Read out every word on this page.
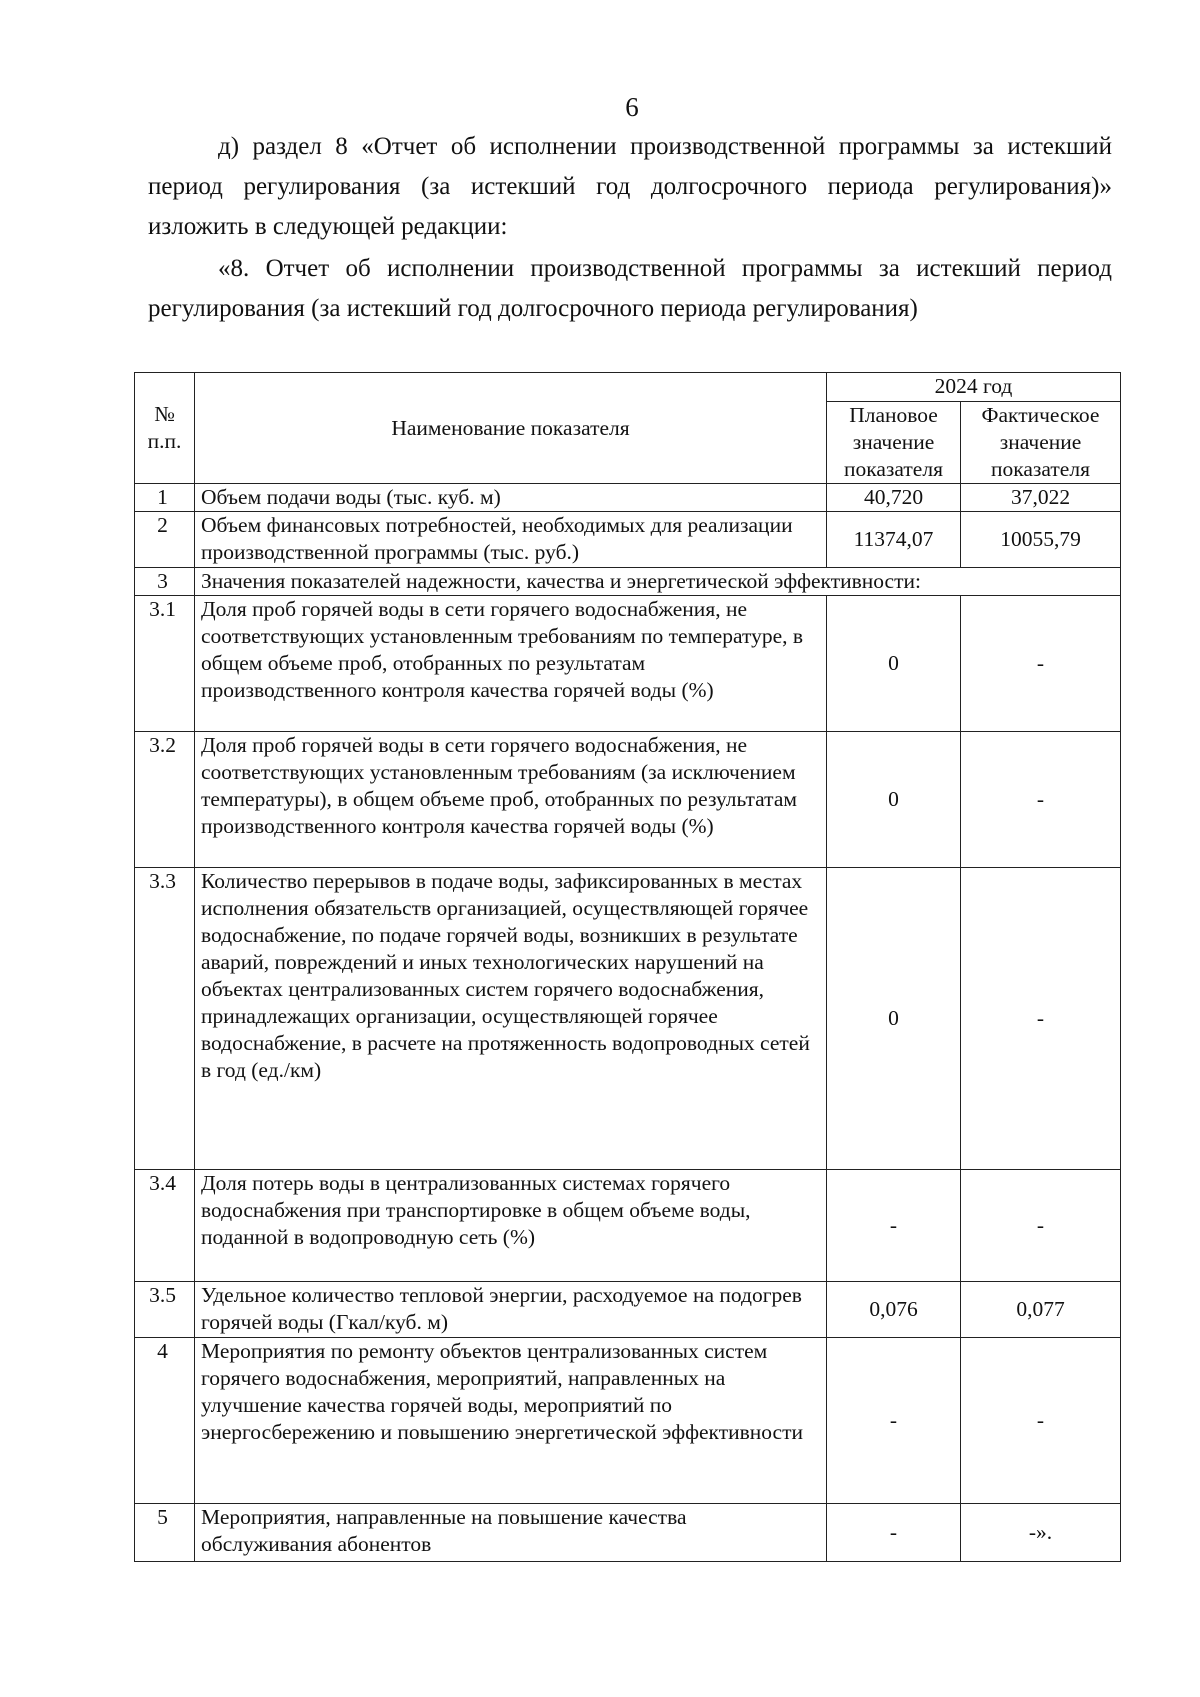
6

д) раздел 8 «Отчет об исполнении производственной программы за истекший период регулирования (за истекший год долгосрочного периода регулирования)» изложить в следующей редакции:

«8. Отчет об исполнении производственной программы за истекший период регулирования (за истекший год долгосрочного периода регулирования)

№ п.п.	Наименование показателя	2024 год	
		Плановое значение показателя	Фактическое значение показателя
1	Объем подачи воды (тыс. куб. м)	40,720	37,022
2	Объем финансовых потребностей, необходимых для реализации производственной программы (тыс. руб.)	11374,07	10055,79
3	Значения показателей надежности, качества и энергетической эффективности:		
3.1	Доля проб горячей воды в сети горячего водоснабжения, не соответствующих установленным требованиям по температуре, в общем объеме проб, отобранных по результатам производственного контроля качества горячей воды (%)	0	-
3.2	Доля проб горячей воды в сети горячего водоснабжения, не соответствующих установленным требованиям (за исключением температуры), в общем объеме проб, отобранных по результатам производственного контроля качества горячей воды (%)	0	-
3.3	Количество перерывов в подаче воды, зафиксированных в местах исполнения обязательств организацией, осуществляющей горячее водоснабжение, по подаче горячей воды, возникших в результате аварий, повреждений и иных технологических нарушений на объектах централизованных систем горячего водоснабжения, принадлежащих организации, осуществляющей горячее водоснабжение, в расчете на протяженность водопроводных сетей в год (ед./км)	0	-
3.4	Доля потерь воды в централизованных системах горячего водоснабжения при транспортировке в общем объеме воды, поданной в водопроводную сеть (%)	-	-
3.5	Удельное количество тепловой энергии, расходуемое на подогрев горячей воды (Гкал/куб. м)	0,076	0,077
4	Мероприятия по ремонту объектов централизованных систем горячего водоснабжения, мероприятий, направленных на улучшение качества горячей воды, мероприятий по энергосбережению и повышению энергетической эффективности	-	-
5	Мероприятия, направленные на повышение качества обслуживания абонентов	-	-».
